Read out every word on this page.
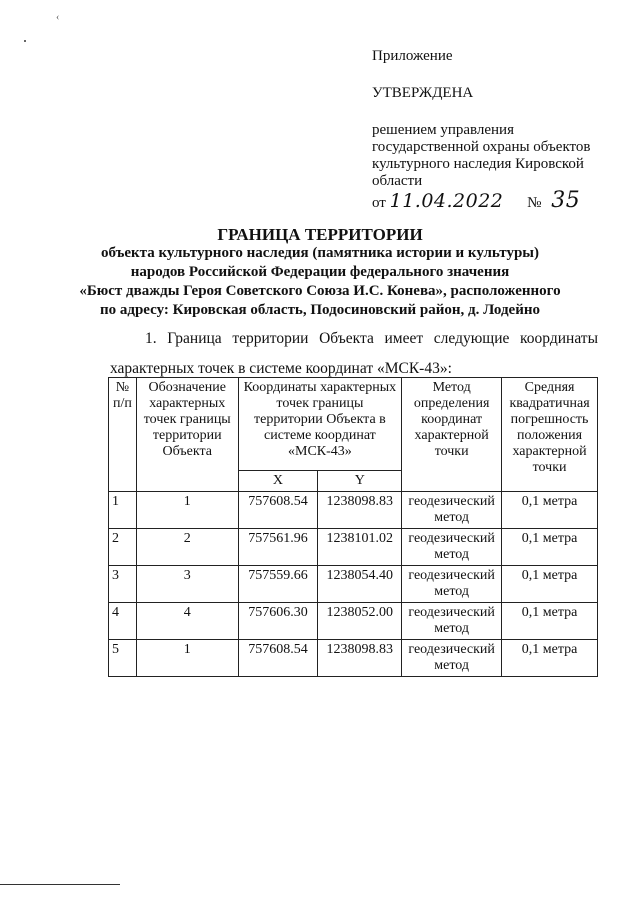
‹

Приложение

УТВЕРЖДЕНА

решением управления

государственной охраны объектов

культурного наследия Кировской

области

от 11.04.2022 № 35

ГРАНИЦА ТЕРРИТОРИИ
объекта культурного наследия (памятника истории и культуры)
народов Российской Федерации федерального значения
«Бюст дважды Героя Советского Союза И.С. Конева», расположенного
по адресу: Кировская область, Подосиновский район, д. Лодейно
1. Граница территории Объекта имеет следующие координаты характерных точек в системе координат «МСК-43»:
№ п/п	Обозначение характерных точек границы территории Объекта	Координаты характерных точек границы территории Объекта в системе координат «МСК-43»		Метод определения координат характерной точки	Средняя квадратичная погрешность положения характерной точки
		X	Y		
1	1	757608.54	1238098.83	геодезический метод	0,1 метра
2	2	757561.96	1238101.02	геодезический метод	0,1 метра
3	3	757559.66	1238054.40	геодезический метод	0,1 метра
4	4	757606.30	1238052.00	геодезический метод	0,1 метра
5	1	757608.54	1238098.83	геодезический метод	0,1 метра
